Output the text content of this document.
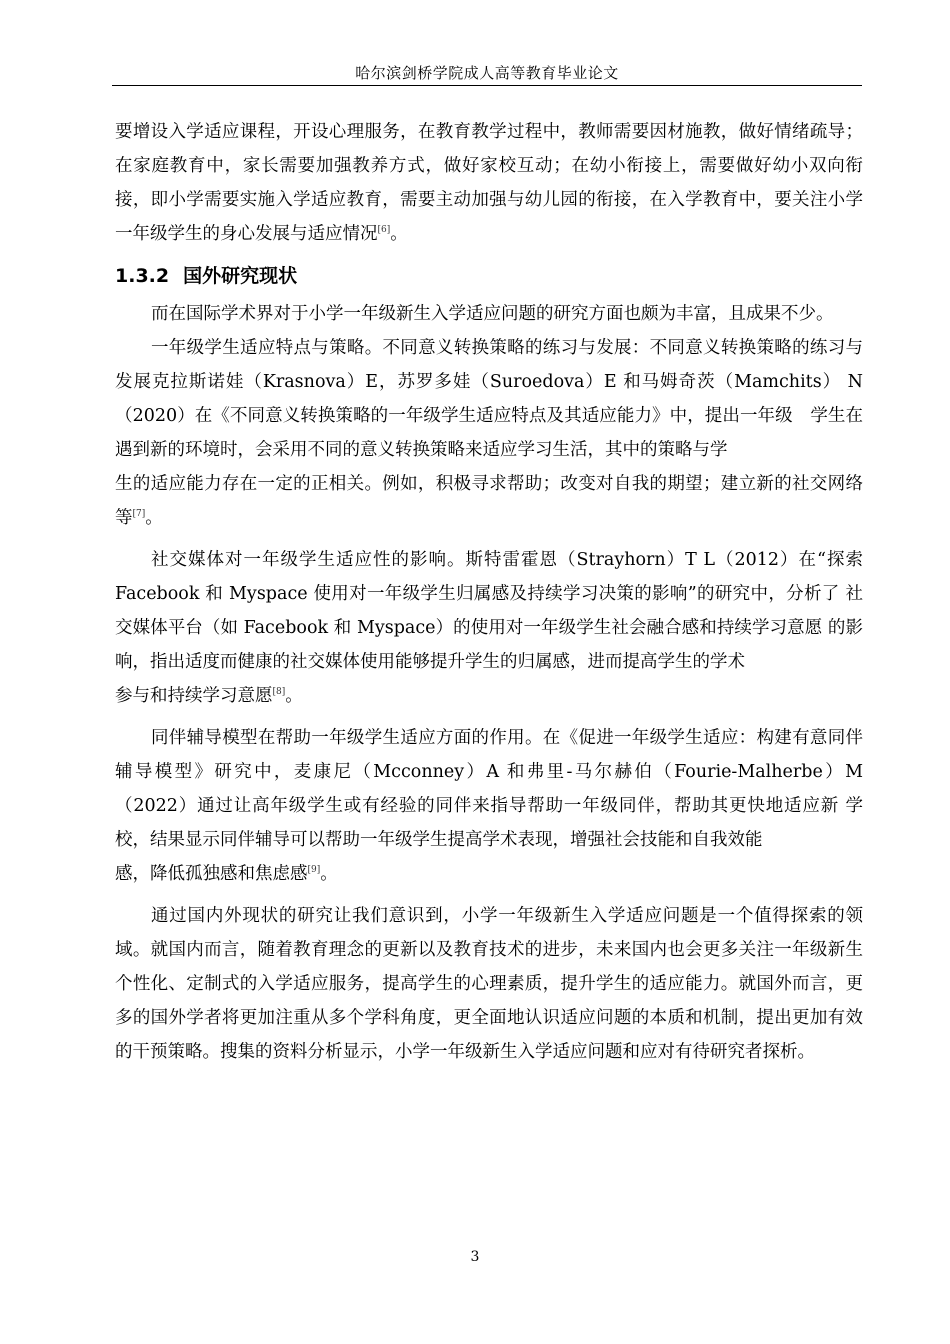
哈尔滨剑桥学院成人高等教育毕业论文

要增设入学适应课程，开设心理服务，在教育教学过程中，教师需要因材施教，做好情绪疏导；在家庭教育中，家长需要加强教养方式，做好家校互动；在幼小衔接上，需要做好幼小双向衔接，即小学需要实施入学适应教育，需要主动加强与幼儿园的衔接，在入学教育中，要关注小学一年级学生的身心发展与适应情况[6]。

1.3.2 国外研究现状

而在国际学术界对于小学一年级新生入学适应问题的研究方面也颇为丰富，且成果不少。

一年级学生适应特点与策略。不同意义转换策略的练习与发展：不同意义转换策略的练习与发展克拉斯诺娃（Krasnova）E，苏罗多娃（Suroedova）E 和马姆奇茨（Mamchits） N（2020）在《不同意义转换策略的一年级学生适应特点及其适应能力》中，提出一年级　学生在遇到新的环境时，会采用不同的意义转换策略来适应学习生活，其中的策略与学

生的适应能力存在一定的正相关。例如，积极寻求帮助；改变对自我的期望；建立新的社交网络等[7]。

社交媒体对一年级学生适应性的影响。斯特雷霍恩（Strayhorn）T L（2012）在“探索 Facebook 和 Myspace 使用对一年级学生归属感及持续学习决策的影响”的研究中，分析了 社交媒体平台（如 Facebook 和 Myspace）的使用对一年级学生社会融合感和持续学习意愿 的影响，指出适度而健康的社交媒体使用能够提升学生的归属感，进而提高学生的学术

参与和持续学习意愿[8]。

同伴辅导模型在帮助一年级学生适应方面的作用。在《促进一年级学生适应：构建有意同伴辅导模型》研究中，麦康尼（Mcconney）A 和弗里-马尔赫伯（Fourie-Malherbe）M （2022）通过让高年级学生或有经验的同伴来指导帮助一年级同伴，帮助其更快地适应新 学校，结果显示同伴辅导可以帮助一年级学生提高学术表现，增强社会技能和自我效能

感，降低孤独感和焦虑感[9]。

通过国内外现状的研究让我们意识到，小学一年级新生入学适应问题是一个值得探索的领域。就国内而言，随着教育理念的更新以及教育技术的进步，未来国内也会更多关注一年级新生个性化、定制式的入学适应服务，提高学生的心理素质，提升学生的适应能力。就国外而言，更多的国外学者将更加注重从多个学科角度，更全面地认识适应问题的本质和机制，提出更加有效的干预策略。搜集的资料分析显示，小学一年级新生入学适应问题和应对有待研究者探析。

3
